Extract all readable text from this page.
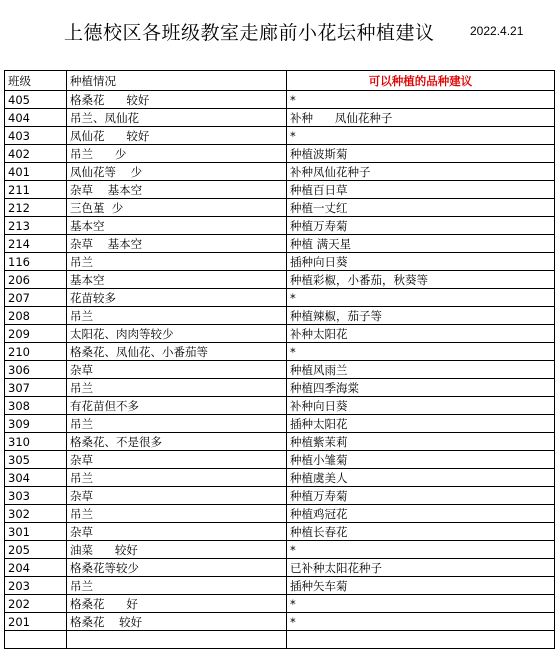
上德校区各班级教室走廊前小花坛种植建议	2022.4.21
班级	种植情况	可以种植的品种建议
405	格桑花      较好	*
404	吊兰、凤仙花	补种      凤仙花种子
403	凤仙花      较好	*
402	吊兰      少	种植波斯菊
401	凤仙花等    少	补种凤仙花种子
211	杂草    基本空	种植百日草
212	三色堇  少	种植一丈红
213	基本空	种植万寿菊
214	杂草    基本空	种植 满天星
116	吊兰	插种向日葵
206	基本空	种植彩椒，小番茄，秋葵等
207	花苗较多	*
208	吊兰	种植辣椒，茄子等
209	太阳花、肉肉等较少	补种太阳花
210	格桑花、凤仙花、小番茄等	*
306	杂草	种植风雨兰
307	吊兰	种植四季海棠
308	有花苗但不多	补种向日葵
309	吊兰	插种太阳花
310	格桑花、不是很多	种植紫茉莉
305	杂草	种植小雏菊
304	吊兰	种植虞美人
303	杂草	种植万寿菊
302	吊兰	种植鸡冠花
301	杂草	种植长春花
205	油菜      较好	*
204	格桑花等较少	已补种太阳花种子
203	吊兰	插种矢车菊
202	格桑花      好	*
201	格桑花    较好	*
